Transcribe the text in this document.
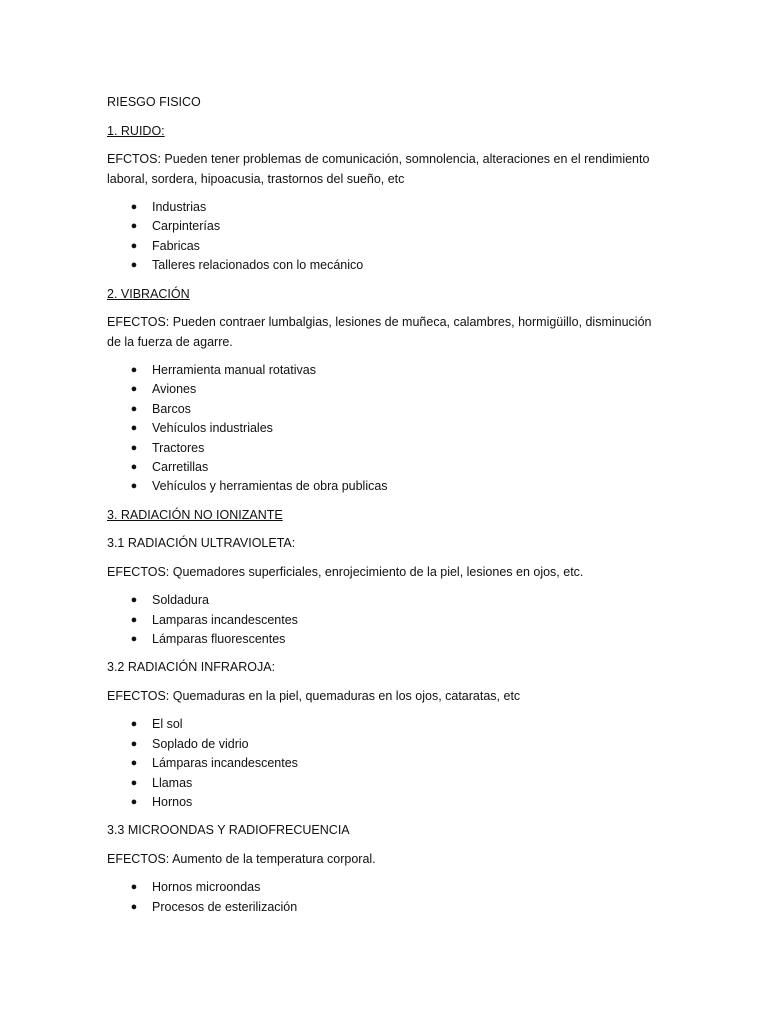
RIESGO FISICO
1. RUIDO:
EFCTOS: Pueden tener problemas de comunicación, somnolencia, alteraciones en el rendimiento laboral, sordera, hipoacusia, trastornos del sueño, etc
● Industrias
● Carpinterías
● Fabricas
● Talleres relacionados con lo mecánico
2. VIBRACIÓN
EFECTOS: Pueden contraer lumbalgias, lesiones de muñeca, calambres, hormigüillo, disminución de la fuerza de agarre.
● Herramienta manual rotativas
● Aviones
● Barcos
● Vehículos industriales
● Tractores
● Carretillas
● Vehículos y herramientas de obra publicas
3. RADIACIÓN NO IONIZANTE
3.1 RADIACIÓN ULTRAVIOLETA:
EFECTOS: Quemadores superficiales, enrojecimiento de la piel, lesiones en ojos, etc.
● Soldadura
● Lamparas incandescentes
● Lámparas fluorescentes
3.2 RADIACIÓN INFRAROJA:
EFECTOS: Quemaduras en la piel, quemaduras en los ojos, cataratas, etc
● El sol
● Soplado de vidrio
● Lámparas incandescentes
● Llamas
● Hornos
3.3 MICROONDAS Y RADIOFRECUENCIA
EFECTOS: Aumento de la temperatura corporal.
● Hornos microondas
● Procesos de esterilización
